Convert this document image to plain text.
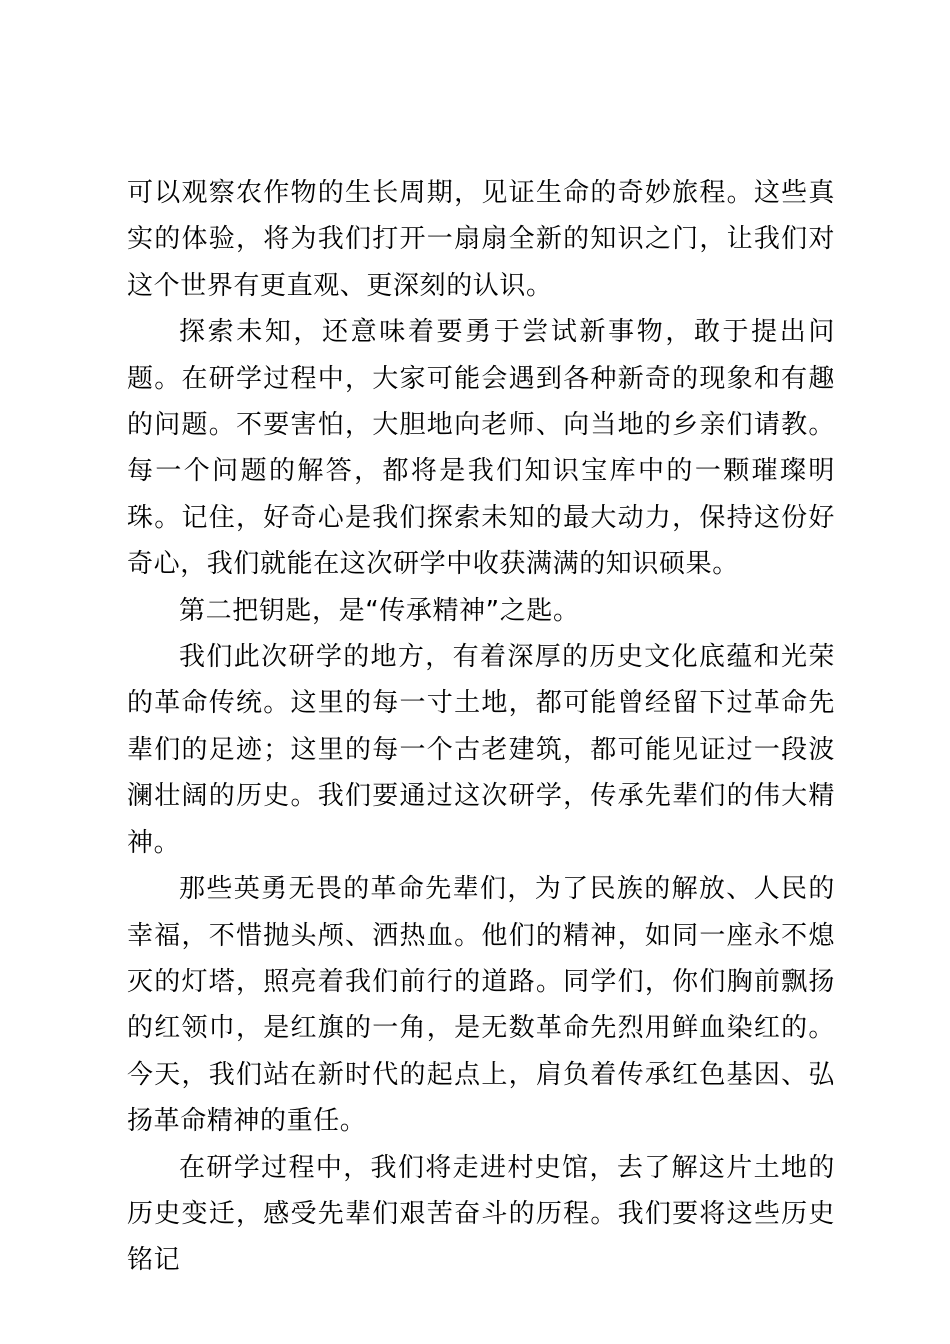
可以观察农作物的生长周期，见证生命的奇妙旅程。这些真实的体验，将为我们打开一扇扇全新的知识之门，让我们对这个世界有更直观、更深刻的认识。

探索未知，还意味着要勇于尝试新事物，敢于提出问题。在研学过程中，大家可能会遇到各种新奇的现象和有趣的问题。不要害怕，大胆地向老师、向当地的乡亲们请教。每一个问题的解答，都将是我们知识宝库中的一颗璀璨明珠。记住，好奇心是我们探索未知的最大动力，保持这份好奇心，我们就能在这次研学中收获满满的知识硕果。

第二把钥匙，是“传承精神”之匙。

我们此次研学的地方，有着深厚的历史文化底蕴和光荣的革命传统。这里的每一寸土地，都可能曾经留下过革命先辈们的足迹；这里的每一个古老建筑，都可能见证过一段波澜壮阔的历史。我们要通过这次研学，传承先辈们的伟大精神。

那些英勇无畏的革命先辈们，为了民族的解放、人民的幸福，不惜抛头颅、洒热血。他们的精神，如同一座永不熄灭的灯塔，照亮着我们前行的道路。同学们，你们胸前飘扬的红领巾，是红旗的一角，是无数革命先烈用鲜血染红的。今天，我们站在新时代的起点上，肩负着传承红色基因、弘扬革命精神的重任。

在研学过程中，我们将走进村史馆，去了解这片土地的历史变迁，感受先辈们艰苦奋斗的历程。我们要将这些历史铭记
